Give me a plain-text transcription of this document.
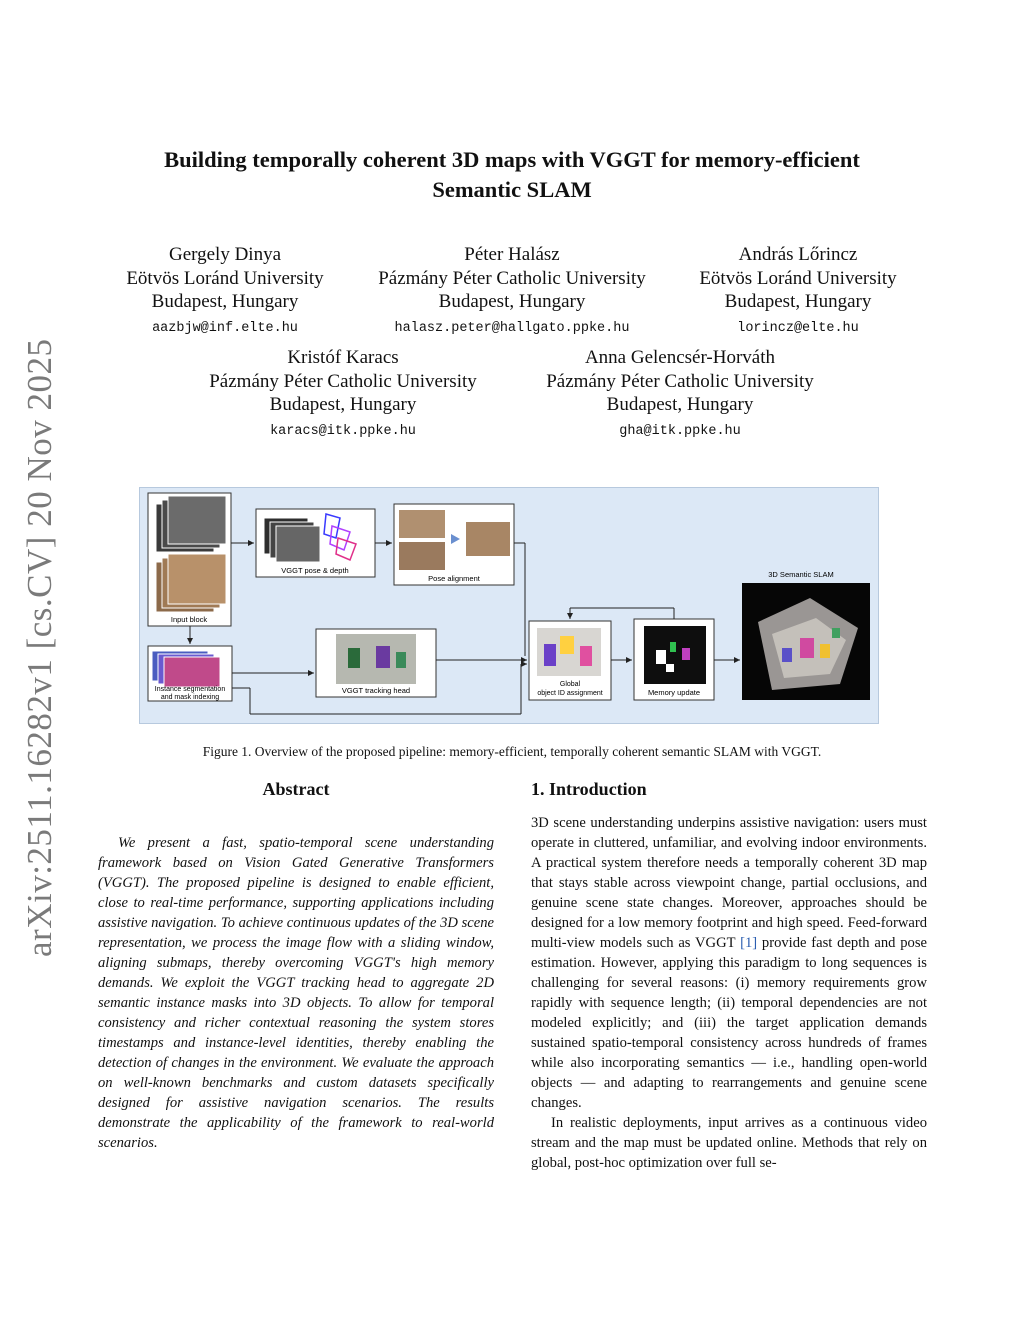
arXiv:2511.16282v1 [cs.CV] 20 Nov 2025
Building temporally coherent 3D maps with VGGT for memory-efficient
Semantic SLAM
Gergely Dinya
Eötvös Loránd University
Budapest, Hungary
aazbjw@inf.elte.hu
Péter Halász
Pázmány Péter Catholic University
Budapest, Hungary
halasz.peter@hallgato.ppke.hu
András Lőrincz
Eötvös Loránd University
Budapest, Hungary
lorincz@elte.hu
Kristóf Karacs
Pázmány Péter Catholic University
Budapest, Hungary
karacs@itk.ppke.hu
Anna Gelencsér-Horváth
Pázmány Péter Catholic University
Budapest, Hungary
gha@itk.ppke.hu
Input block
VGGT pose & depth
Pose alignment
Instance segmentation
and mask indexing
VGGT tracking head
Global
object ID assignment	Memory update
3D Semantic SLAM
Figure 1. Overview of the proposed pipeline: memory-efficient, temporally coherent semantic SLAM with VGGT.
Abstract
We present a fast, spatio-temporal scene understanding framework based on Vision Gated Generative Transformers (VGGT). The proposed pipeline is designed to enable efficient, close to real-time performance, supporting applications including assistive navigation. To achieve continuous updates of the 3D scene representation, we process the image flow with a sliding window, aligning submaps, thereby overcoming VGGT's high memory demands. We exploit the VGGT tracking head to aggregate 2D semantic instance masks into 3D objects. To allow for temporal consistency and richer contextual reasoning the system stores timestamps and instance-level identities, thereby enabling the detection of changes in the environment. We evaluate the approach on well-known benchmarks and custom datasets specifically designed for assistive navigation scenarios. The results demonstrate the applicability of the framework to real-world scenarios.
1. Introduction

3D scene understanding underpins assistive navigation: users must operate in cluttered, unfamiliar, and evolving indoor environments. A practical system therefore needs a temporally coherent 3D map that stays stable across viewpoint change, partial occlusions, and genuine scene state changes. Moreover, approaches should be designed for a low memory footprint and high speed. Feed-forward multi-view models such as VGGT [1] provide fast depth and pose estimation. However, applying this paradigm to long sequences is challenging for several reasons: (i) memory requirements grow rapidly with sequence length; (ii) temporal dependencies are not modeled explicitly; and (iii) the target application demands sustained spatio-temporal consistency across hundreds of frames while also incorporating semantics — i.e., handling open-world objects — and adapting to rearrangements and genuine scene changes.

In realistic deployments, input arrives as a continuous video stream and the map must be updated online. Methods that rely on global, post-hoc optimization over full se-
